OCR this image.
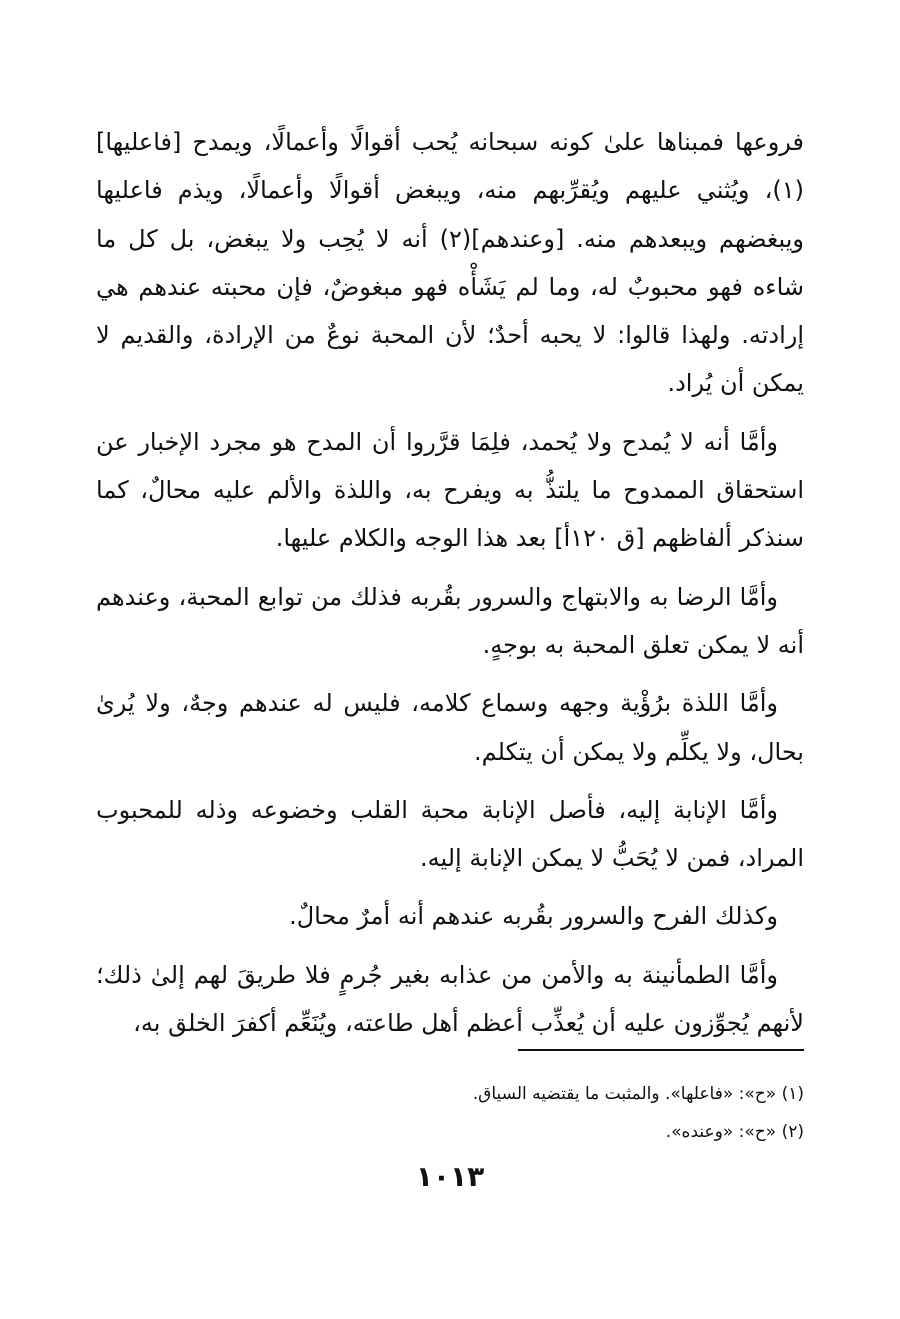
فروعها فمبناها علىٰ كونه سبحانه يُحب أقوالًا وأعمالًا، ويمدح [فاعليها](١)، ويُثني عليهم ويُقرِّبهم منه، ويبغض أقوالًا وأعمالًا، ويذم فاعليها ويبغضهم ويبعدهم منه. [وعندهم](٢) أنه لا يُحِب ولا يبغض، بل كل ما شاءه فهو محبوبٌ له، وما لم يَشَأْه فهو مبغوضٌ، فإن محبته عندهم هي إرادته. ولهذا قالوا: لا يحبه أحدٌ؛ لأن المحبة نوعٌ من الإرادة، والقديم لا يمكن أن يُراد.

وأمَّا أنه لا يُمدح ولا يُحمد، فلِمَا قرَّروا أن المدح هو مجرد الإخبار عن استحقاق الممدوح ما يلتذُّ به ويفرح به، واللذة والألم عليه محالٌ، كما سنذكر ألفاظهم [ق ١٢٠أ] بعد هذا الوجه والكلام عليها.

وأمَّا الرضا به والابتهاج والسرور بقُربه فذلك من توابع المحبة، وعندهم أنه لا يمكن تعلق المحبة به بوجهٍ.

وأمَّا اللذة برُؤْية وجهه وسماع كلامه، فليس له عندهم وجهٌ، ولا يُرىٰ بحال، ولا يكلِّم ولا يمكن أن يتكلم.

وأمَّا الإنابة إليه، فأصل الإنابة محبة القلب وخضوعه وذله للمحبوب المراد، فمن لا يُحَبُّ لا يمكن الإنابة إليه.

وكذلك الفرح والسرور بقُربه عندهم أنه أمرٌ محالٌ.

وأمَّا الطمأنينة به والأمن من عذابه بغير جُرمٍ فلا طريقَ لهم إلىٰ ذلك؛ لأنهم يُجوِّزون عليه أن يُعذِّب أعظم أهل طاعته، ويُنَعِّم أكفرَ الخلق به،

(١) «ح»: «فاعلها». والمثبت ما يقتضيه السياق.

(٢) «ح»: «وعنده».

١٠١٣
